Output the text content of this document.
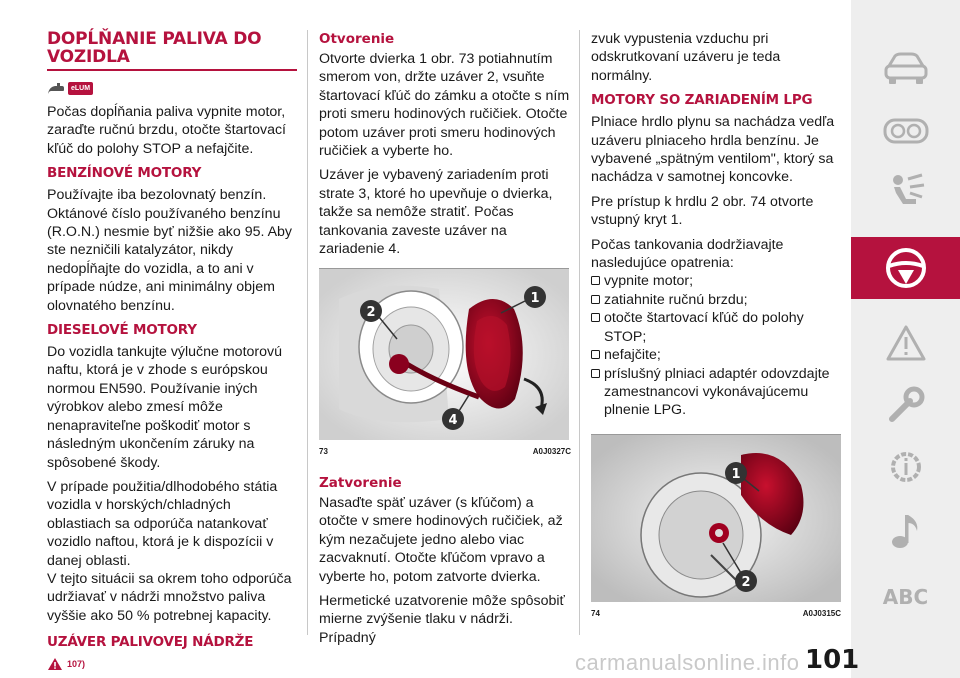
DOPĹŇANIE PALIVA DO VOZIDLA
eLUM

Počas dopĺňania paliva vypnite motor, zaraďte ručnú brzdu, otočte štartovací kľúč do polohy STOP a nefajčite.

BENZÍNOVÉ MOTORY

Používajte iba bezolovnatý benzín. Oktánové číslo používaného benzínu (R.O.N.) nesmie byť nižšie ako 95. Aby ste nezničili katalyzátor, nikdy nedopĺňajte do vozidla, a to ani v prípade núdze, ani minimálny objem olovnatého benzínu.

DIESELOVÉ MOTORY

Do vozidla tankujte výlučne motorovú naftu, ktorá je v zhode s európskou normou EN590. Používanie iných výrobkov alebo zmesí môže nenapraviteľne poškodiť motor s následným ukončením záruky na spôsobené škody.

V prípade použitia/dlhodobého státia vozidla v horských/chladných oblastiach sa odporúča natankovať vozidlo naftou, ktorá je k dispozícii v danej oblasti.

V tejto situácii sa okrem toho odporúča udržiavať v nádrži množstvo paliva vyššie ako 50 % potrebnej kapacity.

UZÁVER PALIVOVEJ NÁDRŽE
107)
Otvorenie

Otvorte dvierka 1 obr. 73 potiahnutím smerom von, držte uzáver 2, vsuňte štartovací kľúč do zámku a otočte s ním proti smeru hodinových ručičiek. Otočte potom uzáver proti smeru hodinových ručičiek a vyberte ho.

Uzáver je vybavený zariadením proti strate 3, ktoré ho upevňuje o dvierka, takže sa nemôže stratiť. Počas tankovania zaveste uzáver na zariadenie 4.

2
1
4
73	A0J0327C
Zatvorenie

Nasaďte späť uzáver (s kľúčom) a otočte v smere hodinových ručičiek, až kým nezačujete jedno alebo viac zacvaknutí. Otočte kľúčom vpravo a vyberte ho, potom zatvorte dvierka.

Hermetické uzatvorenie môže spôsobiť mierne zvýšenie tlaku v nádrži. Prípadný

zvuk vypustenia vzduchu pri odskrutkovaní uzáveru je teda normálny.

MOTORY SO ZARIADENÍM LPG

Plniace hrdlo plynu sa nachádza vedľa uzáveru plniaceho hrdla benzínu. Je vybavené „spätným ventilom", ktorý sa nachádza v samotnej koncovke.

Pre prístup k hrdlu 2 obr. 74 otvorte vstupný kryt 1.

Počas tankovania dodržiavajte nasledujúce opatrenia:

vypnite motor;
zatiahnite ručnú brzdu;
otočte štartovací kľúč do polohy STOP;
nefajčite;
príslušný plniaci adaptér odovzdajte zamestnancovi vykonávajúcemu plnenie LPG.
1
2
74	A0J0315C
ABC
carmanualsonline.info 101
